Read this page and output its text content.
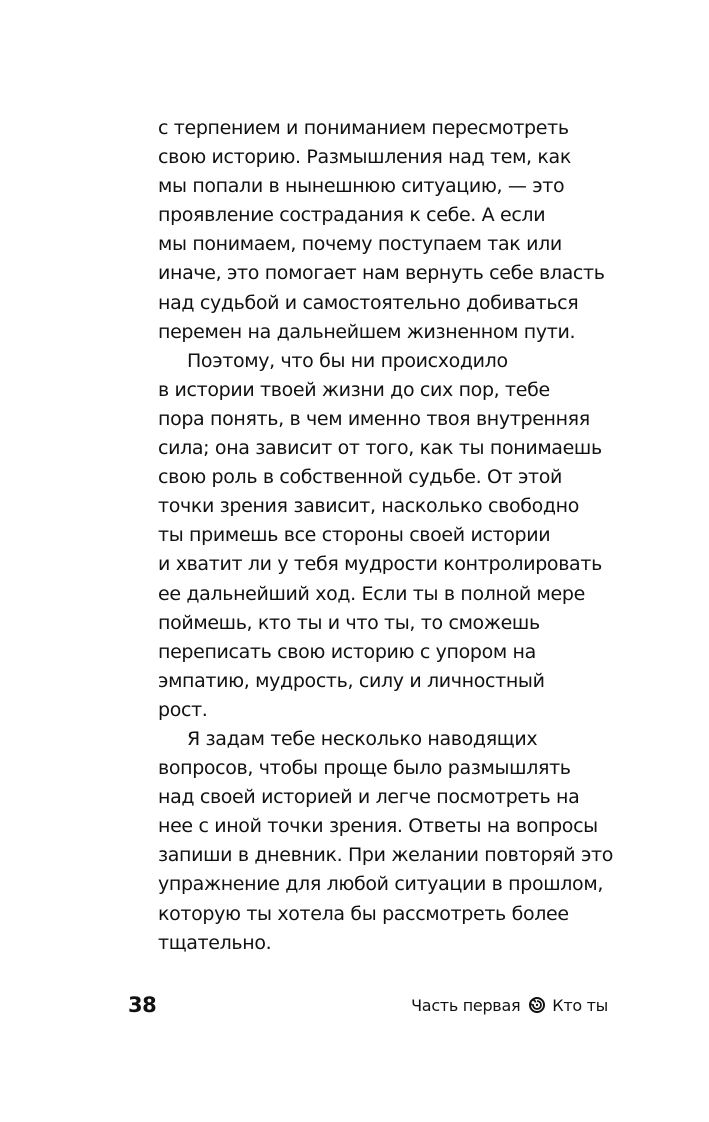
с терпением и пониманием пересмотреть
свою историю. Размышления над тем, как
мы попали в нынешнюю ситуацию, — это
проявление сострадания к себе. А если
мы понимаем, почему поступаем так или
иначе, это помогает нам вернуть себе власть
над судьбой и самостоятельно добиваться
перемен на дальнейшем жизненном пути.
Поэтому, что бы ни происходило
в истории твоей жизни до сих пор, тебе
пора понять, в чем именно твоя внутренняя
сила; она зависит от того, как ты понимаешь
свою роль в собственной судьбе. От этой
точки зрения зависит, насколько свободно
ты примешь все стороны своей истории
и хватит ли у тебя мудрости контролировать
ее дальнейший ход. Если ты в полной мере
поймешь, кто ты и что ты, то сможешь
переписать свою историю с упором на
эмпатию, мудрость, силу и личностный
рост.
Я задам тебе несколько наводящих
вопросов, чтобы проще было размышлять
над своей историей и легче посмотреть на
нее с иной точки зрения. Ответы на вопросы
запиши в дневник. При желании повторяй это
упражнение для любой ситуации в прошлом,
которую ты хотела бы рассмотреть более
тщательно.
38	Часть первая Кто ты
